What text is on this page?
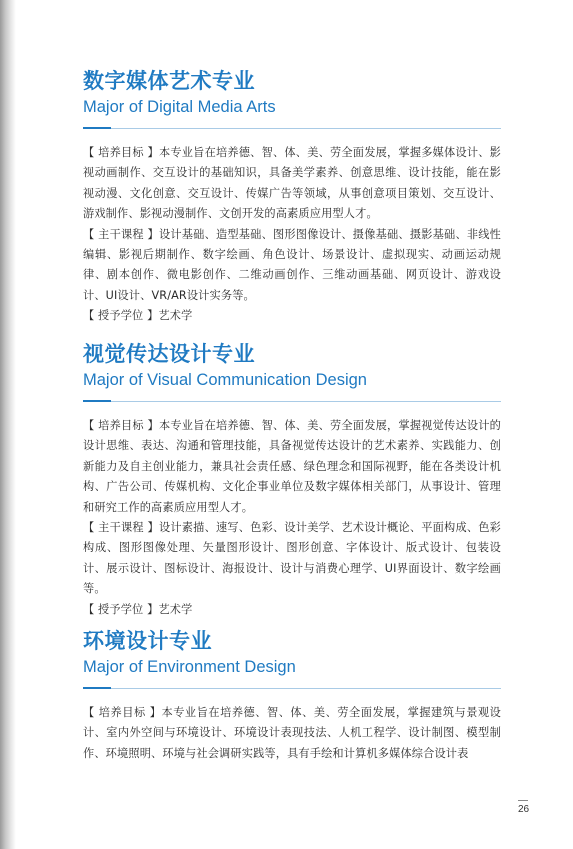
数字媒体艺术专业
Major of Digital Media Arts

【 培养目标 】本专业旨在培养德、智、体、美、劳全面发展，掌握多媒体设计、影视动画制作、交互设计的基础知识，具备美学素养、创意思维、设计技能，能在影视动漫、文化创意、交互设计、传媒广告等领域，从事创意项目策划、交互设计、游戏制作、影视动漫制作、文创开发的高素质应用型人才。

【 主干课程 】设计基础、造型基础、图形图像设计、摄像基础、摄影基础、非线性编辑、影视后期制作、数字绘画、角色设计、场景设计、虚拟现实、动画运动规律、剧本创作、微电影创作、二维动画创作、三维动画基础、网页设计、游戏设计、UI设计、VR/AR设计实务等。

【 授予学位 】艺术学

视觉传达设计专业
Major of Visual Communication Design

【 培养目标 】本专业旨在培养德、智、体、美、劳全面发展，掌握视觉传达设计的设计思维、表达、沟通和管理技能，具备视觉传达设计的艺术素养、实践能力、创新能力及自主创业能力，兼具社会责任感、绿色理念和国际视野，能在各类设计机构、广告公司、传媒机构、文化企事业单位及数字媒体相关部门，从事设计、管理和研究工作的高素质应用型人才。

【 主干课程 】设计素描、速写、色彩、设计美学、艺术设计概论、平面构成、色彩构成、图形图像处理、矢量图形设计、图形创意、字体设计、版式设计、包装设计、展示设计、图标设计、海报设计、设计与消费心理学、UI界面设计、数字绘画等。

【 授予学位 】艺术学

环境设计专业
Major of Environment Design

【 培养目标 】本专业旨在培养德、智、体、美、劳全面发展，掌握建筑与景观设计、室内外空间与环境设计、环境设计表现技法、人机工程学、设计制图、模型制作、环境照明、环境与社会调研实践等，具有手绘和计算机多媒体综合设计表

26
